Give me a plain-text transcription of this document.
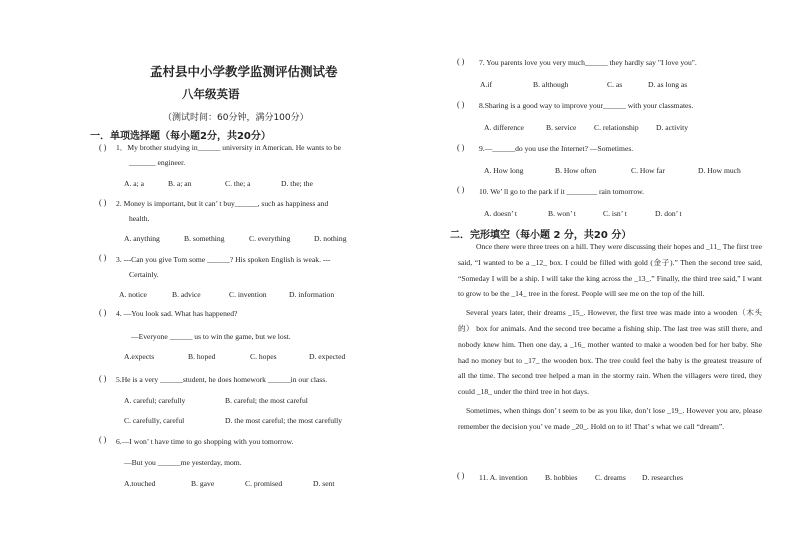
孟村县中小学教学监测评估测试卷
八年级英语
（测试时间：60分钟，满分100分）
一．单项选择题（每小题2分，共20分）
( ) 1．My brother studying in______ university in American. He wants to be
_______ engineer.
A. a; a	B. a; an	C. the; a	D. the; the
( ) 2. Money is important, but it can’ t buy______, such as happiness and
health.
A. anything	B. something	C. everything	D. nothing
( ) 3. ---Can you give Tom some ______? His spoken English is weak. ---
Certainly.
A. notice	B. advice	C. invention	D. information
( ) 4. —You look sad. What has happened?
—Everyone ______ us to win the game, but we lost.
A.expects	B. hoped	C. hopes	D. expected
( ) 5.He is a very ______student, he does homework ______in our class.
A. careful; carefully	B. careful; the most careful
C. carefully, careful	D. the most careful; the most carefully
( ) 6.—I won’ t have time to go shopping with you tomorrow.
—But you ______me yesterday, mom.
A.touched	B. gave	C. promised	D. sent
( ) 7. You parents love you very much______ they hardly say "I love you".
A.if	B. although	C. as	D. as long as
( ) 8.Sharing is a good way to improve your______ with your classmates.
A. difference	B. service C. relationship D. activity
( ) 9.—______do you use the Internet? —Sometimes.
A. How long	B. How often	C. How far	D. How much
( ) 10. We’ ll go to the park if it ________ rain tomorrow.
A. doesn’ t	B. won’ t	C. isn’ t	D. don’ t
二．完形填空（每小题 2 分，共20 分）

Once there were three trees on a hill. They were discussing their hopes and _11_ The first tree said, “I wanted to be a _12_ box. I could be filled with gold (金子).” Then the second tree said, “Someday I will be a ship. I will take the king across the _13_.” Finally, the third tree said,” I want to grow to be the _14_ tree in the forest. People will see me on the top of the hill.

Several years later, their dreams _15_. However, the first tree was made into a wooden（木头的） box for animals. And the second tree became a fishing ship. The last tree was still there, and nobody knew him. Then one day, a _16_ mother wanted to make a wooden bed for her baby. She had no money but to _17_ the wooden box. The tree could feel the baby is the greatest treasure of all the time. The second tree helped a man in the stormy rain. When the villagers were tired, they could _18_ under the third tree in hot days.

Sometimes, when things don’ t seem to be as you like, don’t lose _19_. However you are, please remember the decision you’ ve made _20_. Hold on to it! That’ s what we call “dream”.

( ) 11. A. invention B. hobbies C. dreams D. researches
